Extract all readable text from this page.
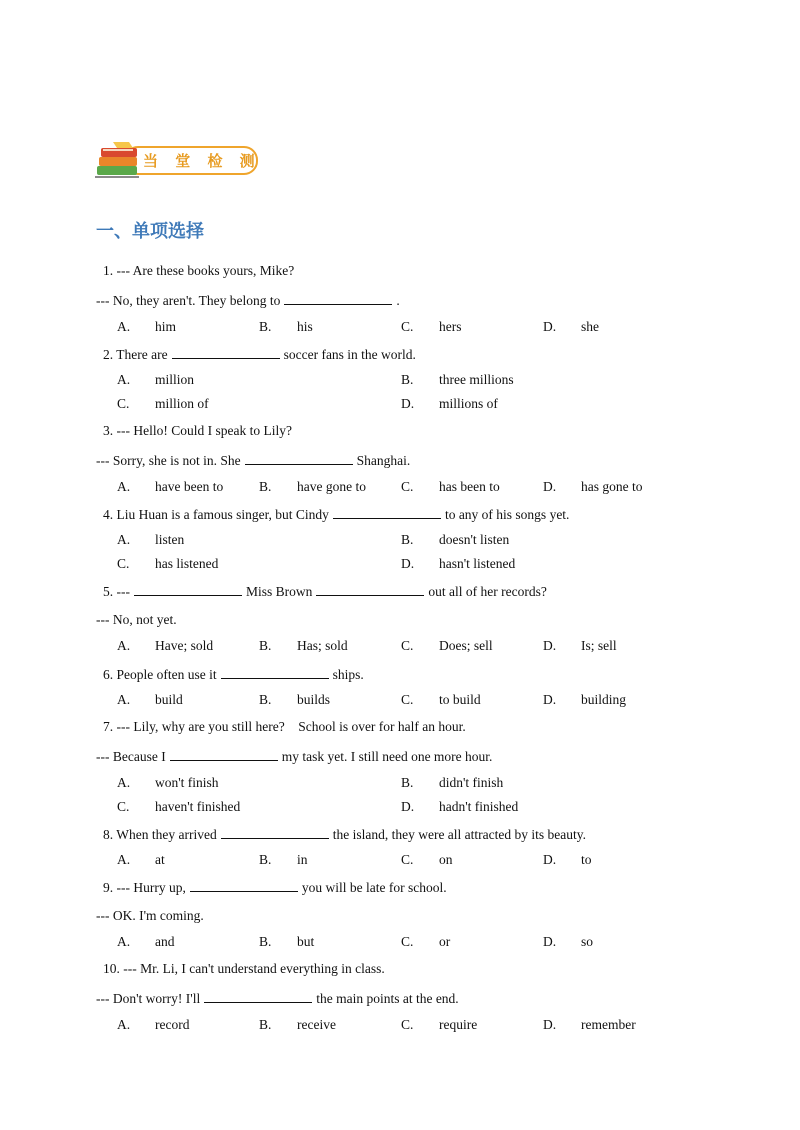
当 堂 检 测
一、单项选择
1. --- Are these books yours, Mike?
--- No, they aren't. They belong to	.
A. him	B. his	C. hers	D. she
2. There are	soccer fans in the world.
A. million	B. three millions
C. million of	D. millions of
3. --- Hello! Could I speak to Lily?
--- Sorry, she is not in. She	Shanghai.
A. have been to	B. have gone to	C. has been to	D. has gone to
4. Liu Huan is a famous singer, but Cindy	to any of his songs yet.
A. listen	B. doesn't listen
C. has listened	D. hasn't listened
5. ---	Miss Brown	out all of her records?
--- No, not yet.
A. Have; sold	B. Has; sold	C. Does; sell	D. Is; sell
6. People often use it	ships.
A. build	B. builds	C. to build	D. building
7. --- Lily, why are you still here?    School is over for half an hour.
--- Because I	my task yet. I still need one more hour.
A. won't finish	B. didn't finish
C. haven't finished	D. hadn't finished
8. When they arrived	the island, they were all attracted by its beauty.
A. at	B. in	C. on	D. to
9. --- Hurry up,	you will be late for school.
--- OK. I'm coming.
A. and	B. but	C. or	D. so
10. --- Mr. Li, I can't understand everything in class.
--- Don't worry! I'll	the main points at the end.
A. record	B. receive	C. require	D. remember
